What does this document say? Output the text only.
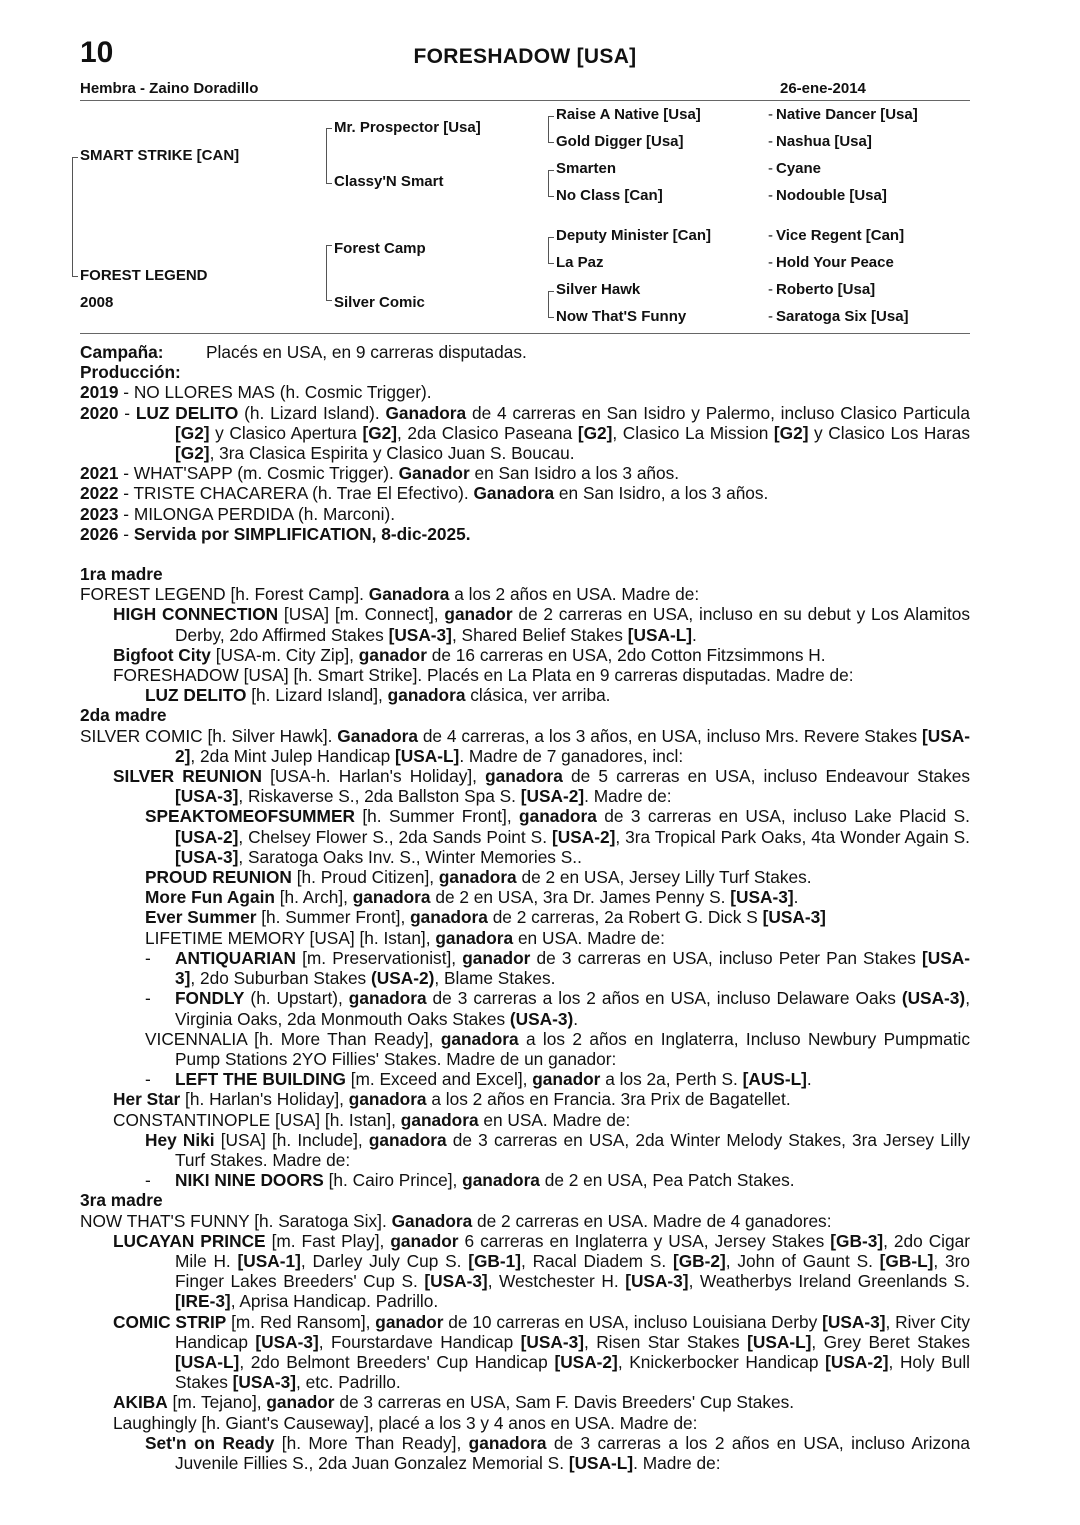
10	FORESHADOW [USA]
Hembra - Zaino Doradillo	26-ene-2014
SMART STRIKE [CAN]
FOREST LEGEND
2008
Mr. Prospector [Usa]
Classy'N Smart
Forest Camp
Silver Comic
Raise A Native [Usa]
Gold Digger [Usa]
Smarten
No Class [Can]
Deputy Minister [Can]
La Paz
Silver Hawk
Now That'S Funny
- Native Dancer [Usa]
- Nashua [Usa]
- Cyane
- Nodouble [Usa]
- Vice Regent [Can]
- Hold Your Peace
- Roberto [Usa]
- Saratoga Six [Usa]

Campaña: Placés en USA, en 9 carreras disputadas.

Producción:

2019 - NO LLORES MAS (h. Cosmic Trigger).

2020 - LUZ DELITO (h. Lizard Island). Ganadora de 4 carreras en San Isidro y Palermo, incluso Clasico Particula [G2] y Clasico Apertura [G2], 2da Clasico Paseana [G2], Clasico La Mission [G2] y Clasico Los Haras [G2], 3ra Clasica Espirita y Clasico Juan S. Boucau.

2021 - WHAT'SAPP (m. Cosmic Trigger). Ganador en San Isidro a los 3 años.

2022 - TRISTE CHACARERA (h. Trae El Efectivo). Ganadora en San Isidro, a los 3 años.

2023 - MILONGA PERDIDA (h. Marconi).

2026 - Servida por SIMPLIFICATION, 8-dic-2025.

1ra madre

FOREST LEGEND [h. Forest Camp]. Ganadora a los 2 años en USA. Madre de:

HIGH CONNECTION [USA] [m. Connect], ganador de 2 carreras en USA, incluso en su debut y Los Alamitos Derby, 2do Affirmed Stakes [USA-3], Shared Belief Stakes [USA-L].

Bigfoot City [USA-m. City Zip], ganador de 16 carreras en USA, 2do Cotton Fitzsimmons H.

FORESHADOW [USA] [h. Smart Strike]. Placés en La Plata en 9 carreras disputadas. Madre de:

LUZ DELITO [h. Lizard Island], ganadora clásica, ver arriba.

2da madre

SILVER COMIC [h. Silver Hawk]. Ganadora de 4 carreras, a los 3 años, en USA, incluso Mrs. Revere Stakes [USA-2], 2da Mint Julep Handicap [USA-L]. Madre de 7 ganadores, incl:

SILVER REUNION [USA-h. Harlan's Holiday], ganadora de 5 carreras en USA, incluso Endeavour Stakes [USA-3], Riskaverse S., 2da Ballston Spa S. [USA-2]. Madre de:

SPEAKTOMEOFSUMMER [h. Summer Front], ganadora de 3 carreras en USA, incluso Lake Placid S. [USA-2], Chelsey Flower S., 2da Sands Point S. [USA-2], 3ra Tropical Park Oaks, 4ta Wonder Again S. [USA-3], Saratoga Oaks Inv. S., Winter Memories S..

PROUD REUNION [h. Proud Citizen], ganadora de 2 en USA, Jersey Lilly Turf Stakes.

More Fun Again [h. Arch], ganadora de 2 en USA, 3ra Dr. James Penny S. [USA-3].

Ever Summer [h. Summer Front], ganadora de 2 carreras, 2a Robert G. Dick S [USA-3]

LIFETIME MEMORY [USA] [h. Istan], ganadora en USA. Madre de:

- ANTIQUARIAN [m. Preservationist], ganador de 3 carreras en USA, incluso Peter Pan Stakes [USA-3], 2do Suburban Stakes (USA-2), Blame Stakes.

- FONDLY (h. Upstart), ganadora de 3 carreras a los 2 años en USA, incluso Delaware Oaks (USA-3), Virginia Oaks, 2da Monmouth Oaks Stakes (USA-3).

VICENNALIA [h. More Than Ready], ganadora a los 2 años en Inglaterra, Incluso Newbury Pumpmatic Pump Stations 2YO Fillies' Stakes. Madre de un ganador:

- LEFT THE BUILDING [m. Exceed and Excel], ganador a los 2a, Perth S. [AUS-L].

Her Star [h. Harlan's Holiday], ganadora a los 2 años en Francia. 3ra Prix de Bagatellet.

CONSTANTINOPLE [USA] [h. Istan], ganadora en USA. Madre de:

Hey Niki [USA] [h. Include], ganadora de 3 carreras en USA, 2da Winter Melody Stakes, 3ra Jersey Lilly Turf Stakes. Madre de:

- NIKI NINE DOORS [h. Cairo Prince], ganadora de 2 en USA, Pea Patch Stakes.

3ra madre

NOW THAT'S FUNNY [h. Saratoga Six]. Ganadora de 2 carreras en USA. Madre de 4 ganadores:

LUCAYAN PRINCE [m. Fast Play], ganador 6 carreras en Inglaterra y USA, Jersey Stakes [GB-3], 2do Cigar Mile H. [USA-1], Darley July Cup S. [GB-1], Racal Diadem S. [GB-2], John of Gaunt S. [GB-L], 3ro Finger Lakes Breeders' Cup S. [USA-3], Westchester H. [USA-3], Weatherbys Ireland Greenlands S. [IRE-3], Aprisa Handicap. Padrillo.

COMIC STRIP [m. Red Ransom], ganador de 10 carreras en USA, incluso Louisiana Derby [USA-3], River City Handicap [USA-3], Fourstardave Handicap [USA-3], Risen Star Stakes [USA-L], Grey Beret Stakes [USA-L], 2do Belmont Breeders' Cup Handicap [USA-2], Knickerbocker Handicap [USA-2], Holy Bull Stakes [USA-3], etc. Padrillo.

AKIBA [m. Tejano], ganador de 3 carreras en USA, Sam F. Davis Breeders' Cup Stakes.

Laughingly [h. Giant's Causeway], placé a los 3 y 4 anos en USA. Madre de:

Set'n on Ready [h. More Than Ready], ganadora de 3 carreras a los 2 años en USA, incluso Arizona Juvenile Fillies S., 2da Juan Gonzalez Memorial S. [USA-L]. Madre de:
